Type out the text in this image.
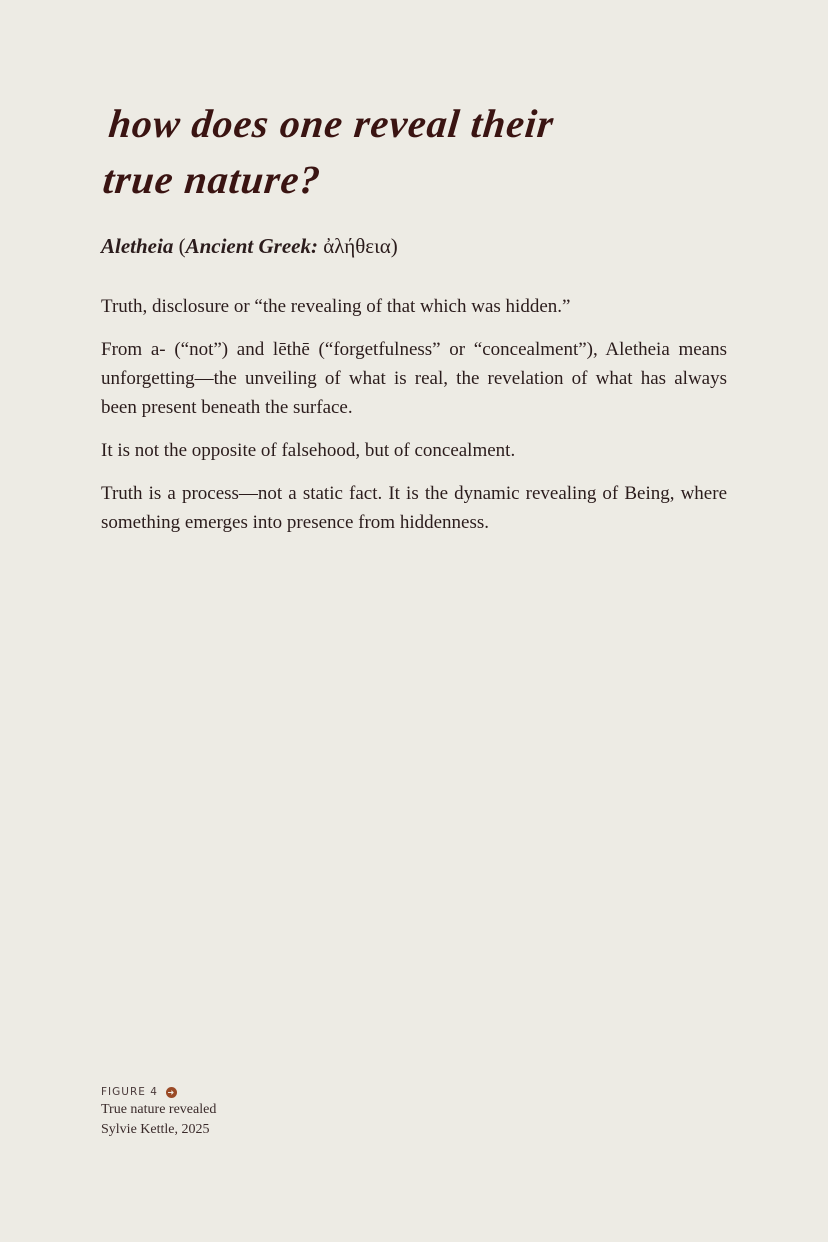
how does one reveal their
true nature?
Aletheia (Ancient Greek: ἀλήθεια)

Truth, disclosure or “the revealing of that which was hidden.”

From a- (“not”) and lēthē (“forgetfulness” or “concealment”), Aletheia means unforgetting—the unveiling of what is real, the revelation of what has always been present beneath the surface.

It is not the opposite of falsehood, but of concealment.

Truth is a process—not a static fact. It is the dynamic revealing of Being, where something emerges into presence from hiddenness.

FIGURE 4 ➜
True nature revealed
Sylvie Kettle, 2025
